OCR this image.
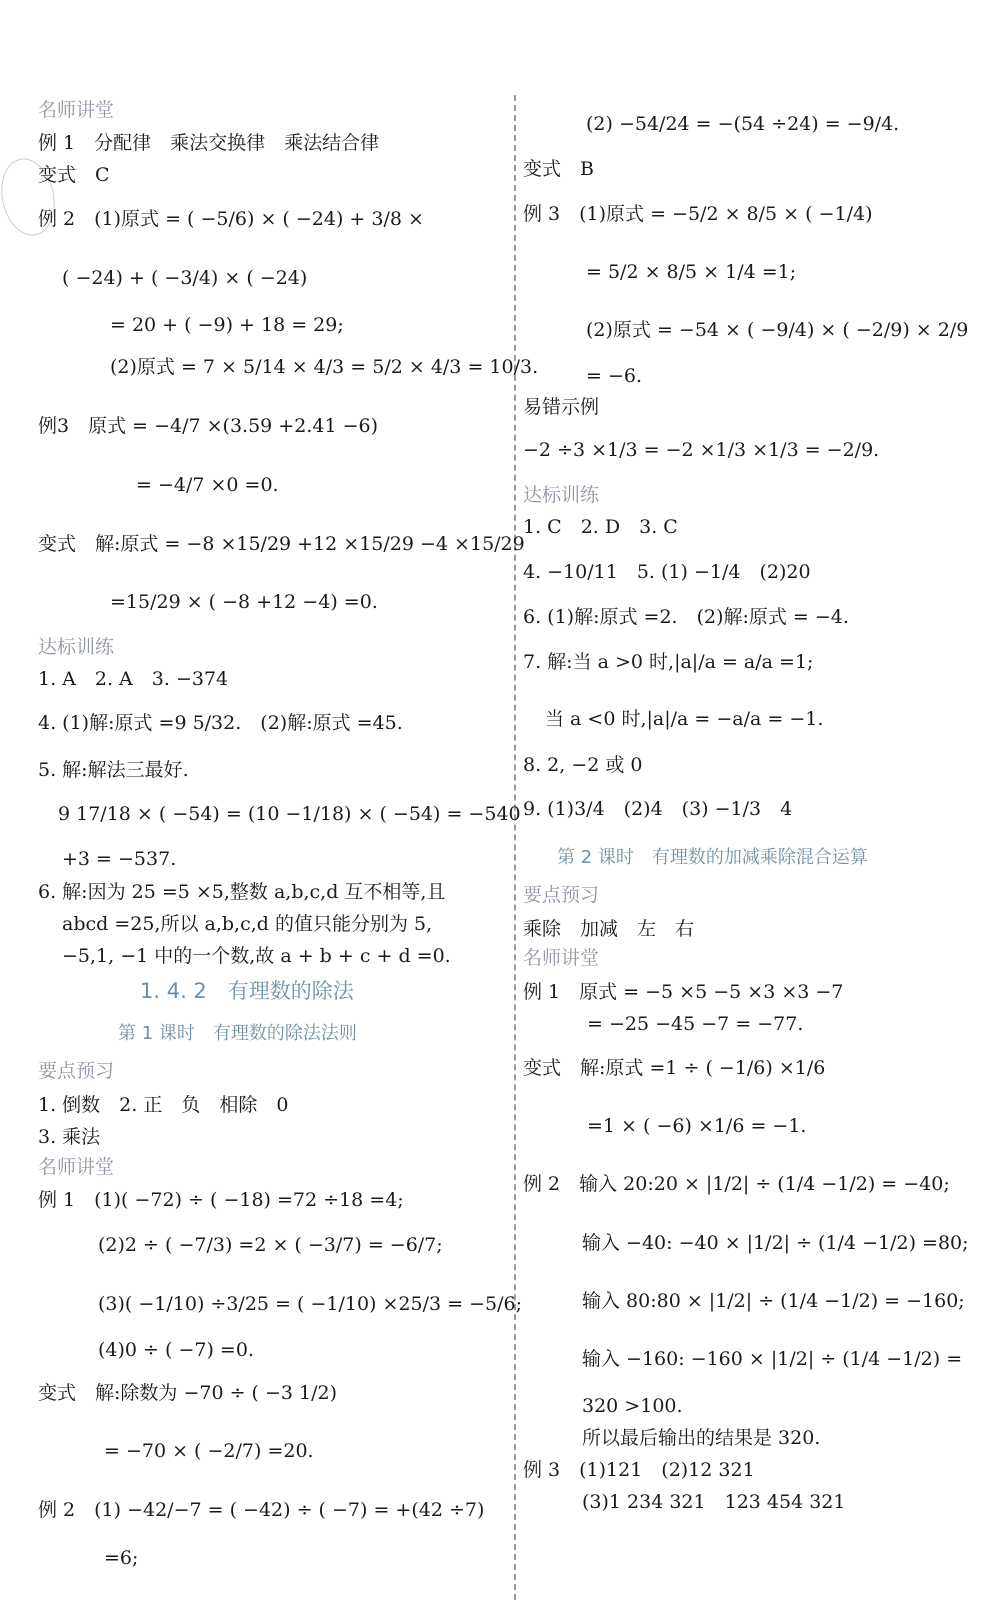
名师讲堂
例 1　分配律　乘法交换律　乘法结合律
变式　C
例 2　(1)原式 = ( −5/6) × ( −24) + 3/8 ×
( −24) + ( −3/4) × ( −24)
= 20 + ( −9) + 18 = 29;
(2)原式 = 7 × 5/14 × 4/3 = 5/2 × 4/3 = 10/3.
例3　原式 = −4/7 ×(3.59 +2.41 −6)
= −4/7 ×0 =0.
变式　解:原式 = −8 ×15/29 +12 ×15/29 −4 ×15/29
=15/29 × ( −8 +12 −4) =0.
达标训练
1. A　2. A　3. −374
4. (1)解:原式 =9 5/32.　(2)解:原式 =45.
5. 解:解法三最好.
9 17/18 × ( −54) = (10 −1/18) × ( −54) = −540
+3 = −537.
6. 解:因为 25 =5 ×5,整数 a,b,c,d 互不相等,且
abcd =25,所以 a,b,c,d 的值只能分别为 5,
−5,1, −1 中的一个数,故 a + b + c + d =0.
1. 4. 2　有理数的除法
第 1 课时　有理数的除法法则
要点预习
1. 倒数　2. 正　负　相除　0
3. 乘法
名师讲堂
例 1　(1)( −72) ÷ ( −18) =72 ÷18 =4;
(2)2 ÷ ( −7/3) =2 × ( −3/7) = −6/7;
(3)( −1/10) ÷3/25 = ( −1/10) ×25/3 = −5/6;
(4)0 ÷ ( −7) =0.
变式　解:除数为 −70 ÷ ( −3 1/2)
= −70 × ( −2/7) =20.
例 2　(1) −42/−7 = ( −42) ÷ ( −7) = +(42 ÷7)
=6;
(2) −54/24 = −(54 ÷24) = −9/4.
变式　B
例 3　(1)原式 = −5/2 × 8/5 × ( −1/4)
= 5/2 × 8/5 × 1/4 =1;
(2)原式 = −54 × ( −9/4) × ( −2/9) × 2/9
= −6.
易错示例
−2 ÷3 ×1/3 = −2 ×1/3 ×1/3 = −2/9.
达标训练
1. C　2. D　3. C
4. −10/11　5. (1) −1/4　(2)20
6. (1)解:原式 =2.　(2)解:原式 = −4.
7. 解:当 a >0 时,|a|/a = a/a =1;
当 a <0 时,|a|/a = −a/a = −1.
8. 2, −2 或 0
9. (1)3/4　(2)4　(3) −1/3　4
第 2 课时　有理数的加减乘除混合运算
要点预习
乘除　加减　左　右
名师讲堂
例 1　原式 = −5 ×5 −5 ×3 ×3 −7
= −25 −45 −7 = −77.
变式　解:原式 =1 ÷ ( −1/6) ×1/6
=1 × ( −6) ×1/6 = −1.
例 2　输入 20:20 × |1/2| ÷ (1/4 −1/2) = −40;
输入 −40: −40 × |1/2| ÷ (1/4 −1/2) =80;
输入 80:80 × |1/2| ÷ (1/4 −1/2) = −160;
输入 −160: −160 × |1/2| ÷ (1/4 −1/2) =
320 >100.
所以最后输出的结果是 320.
例 3　(1)121　(2)12 321
(3)1 234 321　123 454 321
